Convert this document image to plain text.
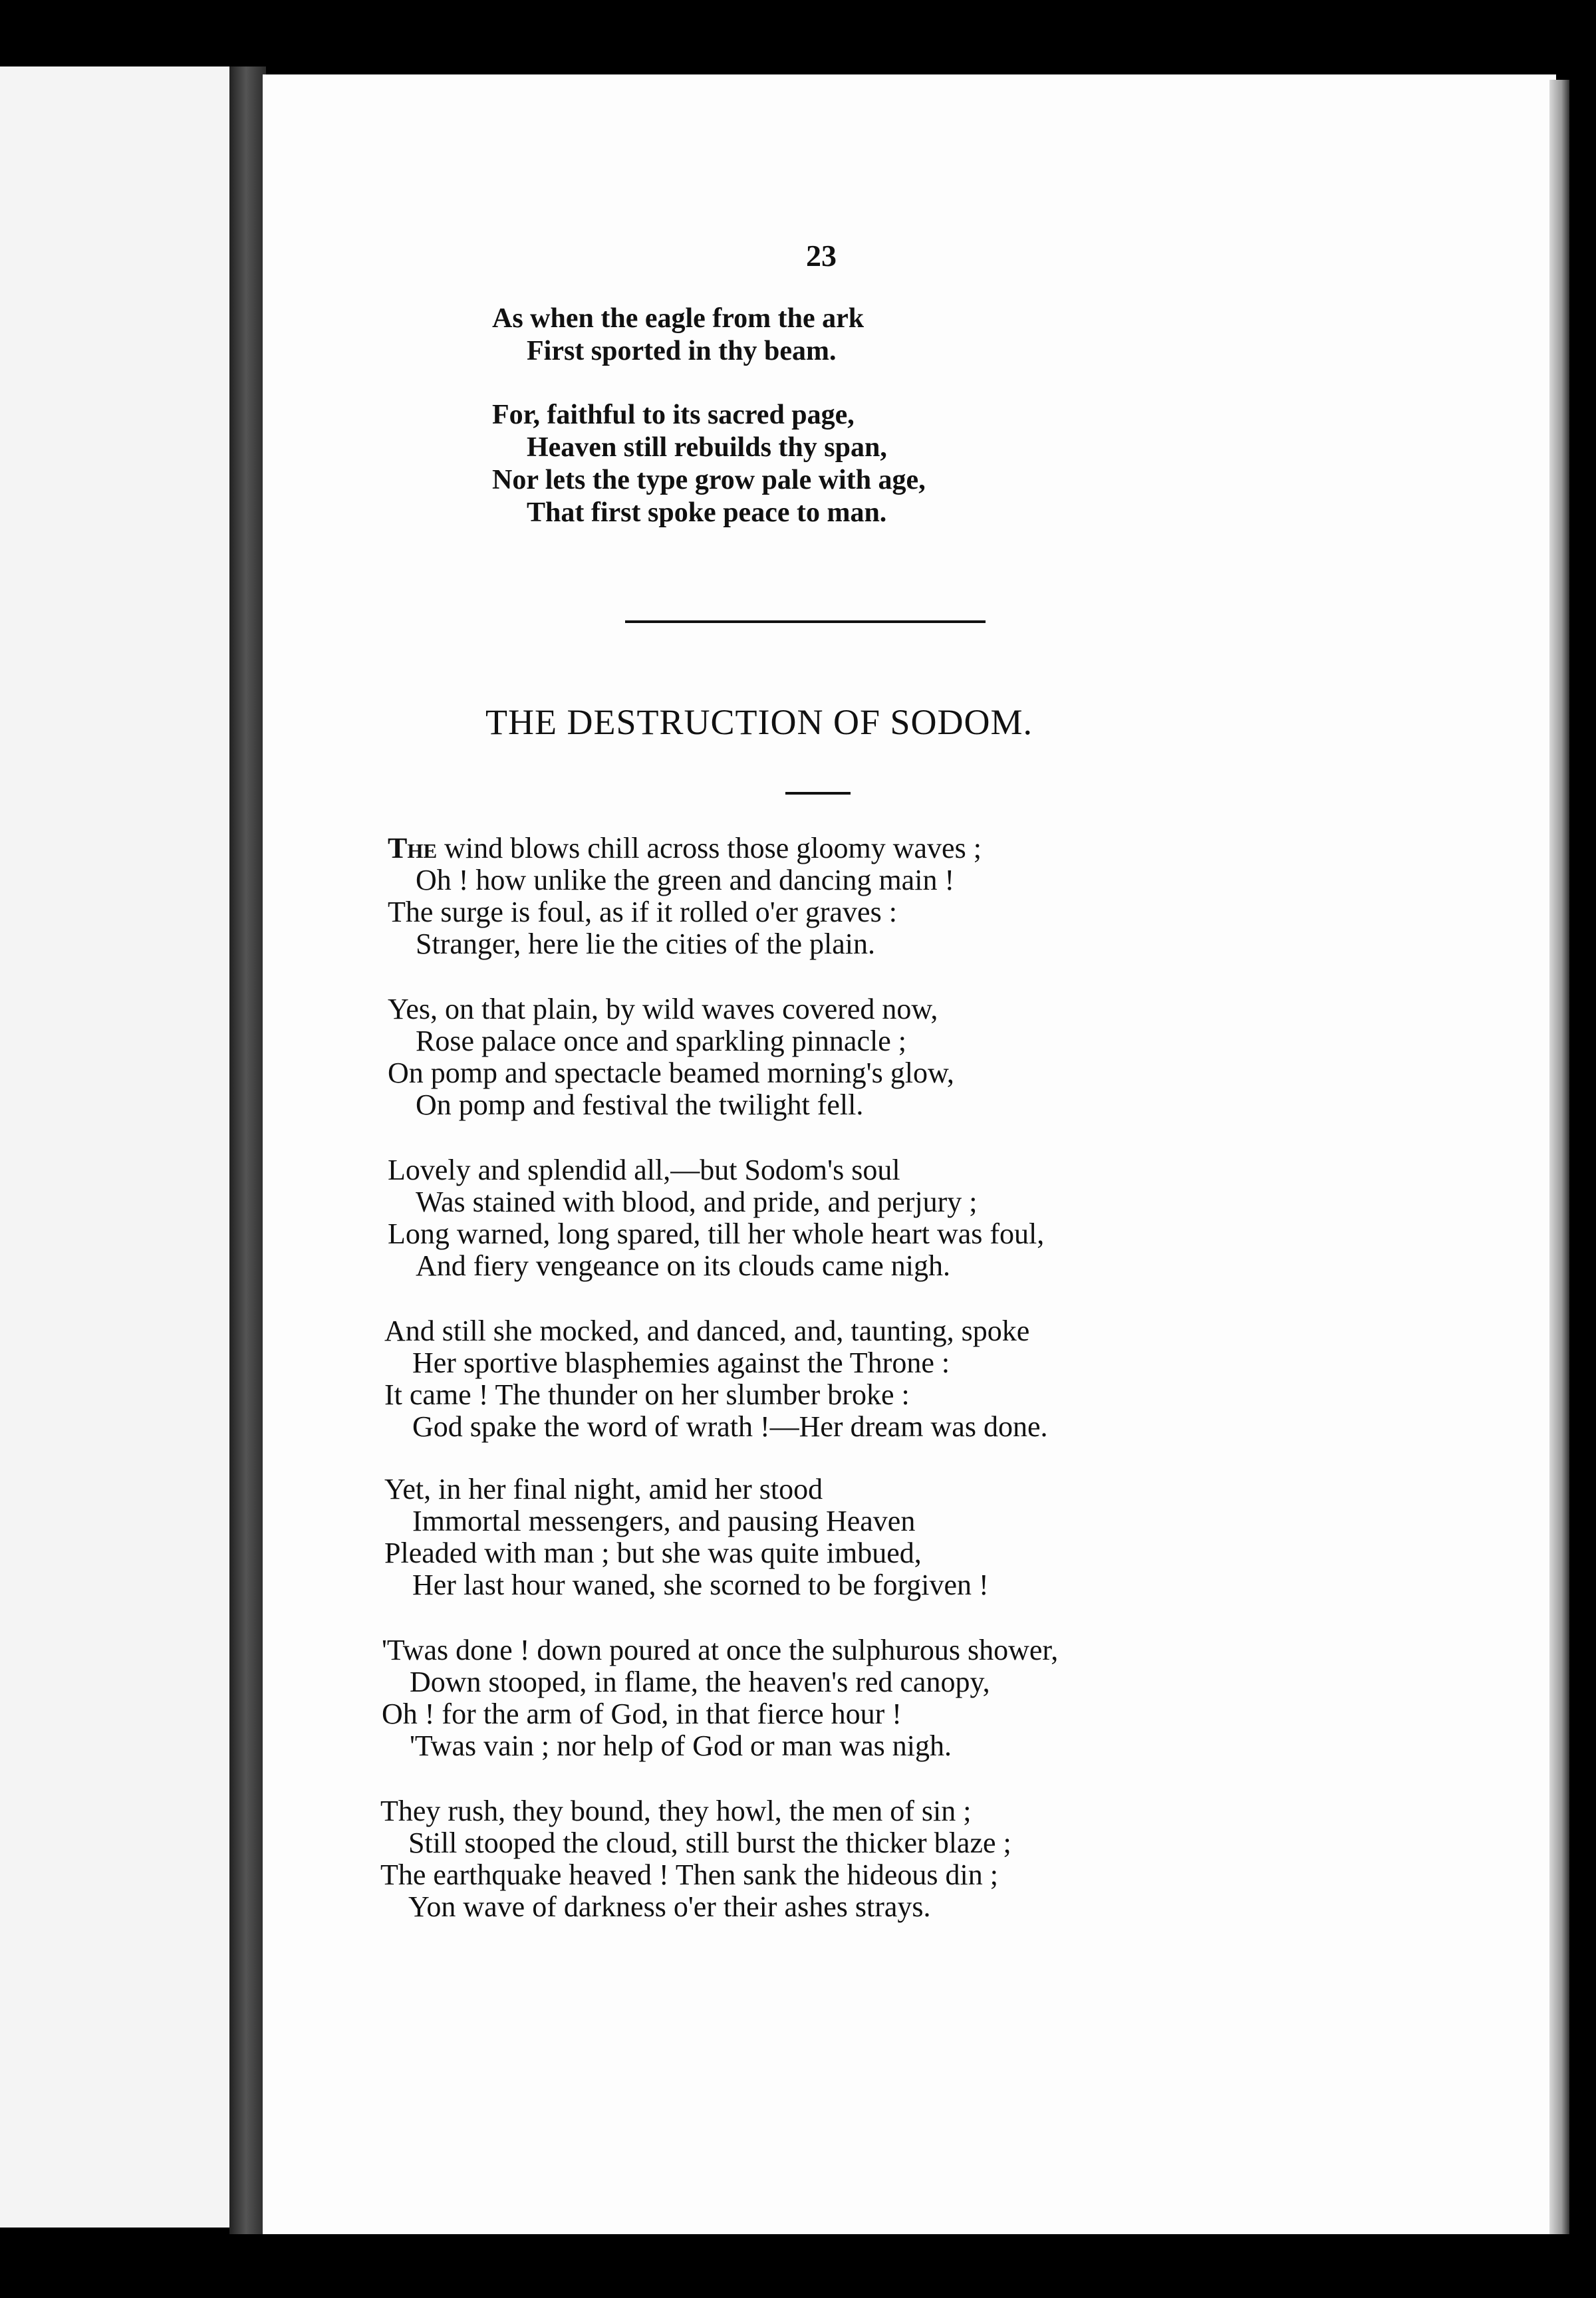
23
As when the eagle from the ark
First sported in thy beam.
For, faithful to its sacred page,
Heaven still rebuilds thy span,
Nor lets the type grow pale with age,
That first spoke peace to man.
THE DESTRUCTION OF SODOM.
The wind blows chill across those gloomy waves ;
Oh ! how unlike the green and dancing main !
The surge is foul, as if it rolled o'er graves :
Stranger, here lie the cities of the plain.
Yes, on that plain, by wild waves covered now,
Rose palace once and sparkling pinnacle ;
On pomp and spectacle beamed morning's glow,
On pomp and festival the twilight fell.
Lovely and splendid all,—but Sodom's soul
Was stained with blood, and pride, and perjury ;
Long warned, long spared, till her whole heart was foul,
And fiery vengeance on its clouds came nigh.
And still she mocked, and danced, and, taunting, spoke
Her sportive blasphemies against the Throne :
It came ! The thunder on her slumber broke :
God spake the word of wrath !—Her dream was done.
Yet, in her final night, amid her stood
Immortal messengers, and pausing Heaven
Pleaded with man ; but she was quite imbued,
Her last hour waned, she scorned to be forgiven !
'Twas done ! down poured at once the sulphurous shower,
Down stooped, in flame, the heaven's red canopy,
Oh ! for the arm of God, in that fierce hour !
'Twas vain ; nor help of God or man was nigh.
They rush, they bound, they howl, the men of sin ;
Still stooped the cloud, still burst the thicker blaze ;
The earthquake heaved ! Then sank the hideous din ;
Yon wave of darkness o'er their ashes strays.
